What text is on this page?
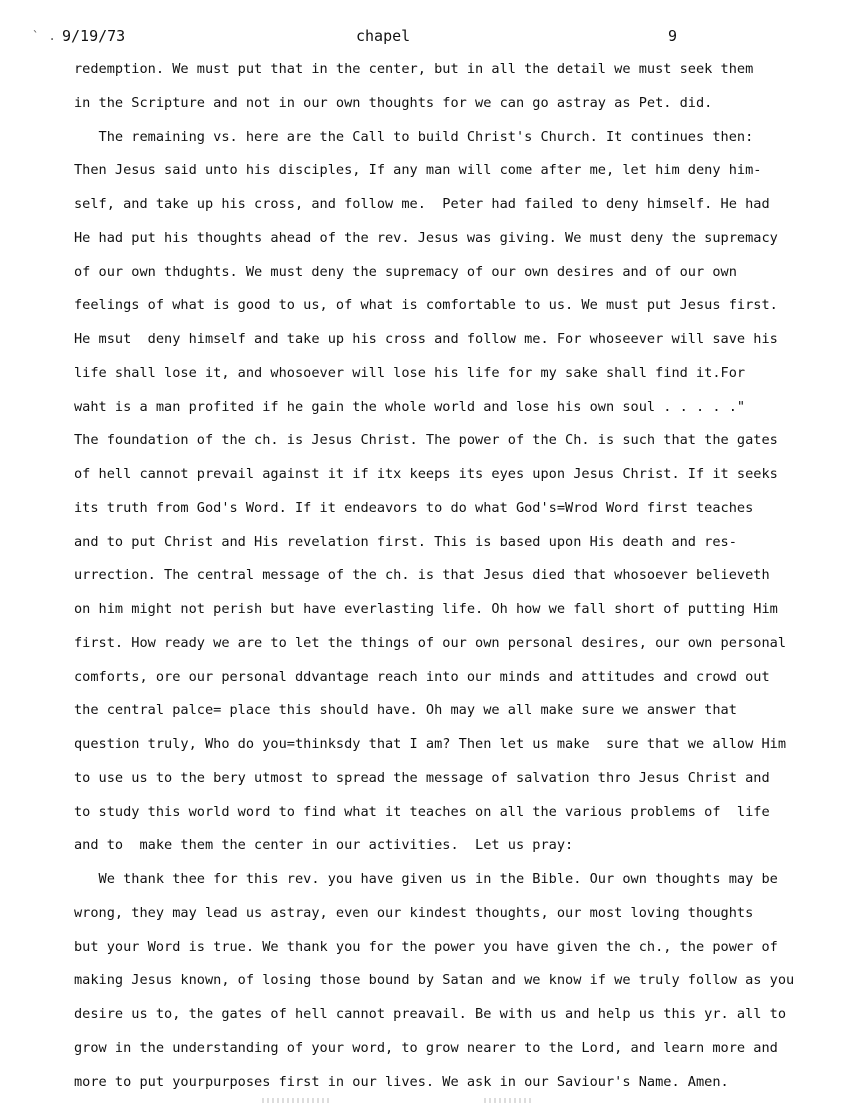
` . .
9/19/73	chapel	9
redemption. We must put that in the center, but in all the detail we must seek them
in the Scripture and not in our own thoughts for we can go astray as Pet. did.
The remaining vs. here are the Call to build Christ's Church. It continues then:
Then Jesus said unto his disciples, If any man will come after me, let him deny him-
self, and take up his cross, and follow me.  Peter had failed to deny himself. He had
He had put his thoughts ahead of the rev. Jesus was giving. We must deny the supremacy
of our own thdughts. We must deny the supremacy of our own desires and of our own
feelings of what is good to us, of what is comfortable to us. We must put Jesus first.
He msut  deny himself and take up his cross and follow me. For whoseever will save his
life shall lose it, and whosoever will lose his life for my sake shall find it.For
waht is a man profited if he gain the whole world and lose his own soul . . . . ."
The foundation of the ch. is Jesus Christ. The power of the Ch. is such that the gates
of hell cannot prevail against it if itx keeps its eyes upon Jesus Christ. If it seeks
its truth from God's Word. If it endeavors to do what God's=Wrod Word first teaches
and to put Christ and His revelation first. This is based upon His death and res-
urrection. The central message of the ch. is that Jesus died that whosoever believeth
on him might not perish but have everlasting life. Oh how we fall short of putting Him
first. How ready we are to let the things of our own personal desires, our own personal
comforts, ore our personal ddvantage reach into our minds and attitudes and crowd out
the central palce= place this should have. Oh may we all make sure we answer that
question truly, Who do you=thinksdy that I am? Then let us make  sure that we allow Him
to use us to the bery utmost to spread the message of salvation thro Jesus Christ and
to study this world word to find what it teaches on all the various problems of  life
and to  make them the center in our activities.  Let us pray:
We thank thee for this rev. you have given us in the Bible. Our own thoughts may be
wrong, they may lead us astray, even our kindest thoughts, our most loving thoughts
but your Word is true. We thank you for the power you have given the ch., the power of
making Jesus known, of losing those bound by Satan and we know if we truly follow as you
desire us to, the gates of hell cannot preavail. Be with us and help us this yr. all to
grow in the understanding of your word, to grow nearer to the Lord, and learn more and
more to put yourpurposes first in our lives. We ask in our Saviour's Name. Amen.
